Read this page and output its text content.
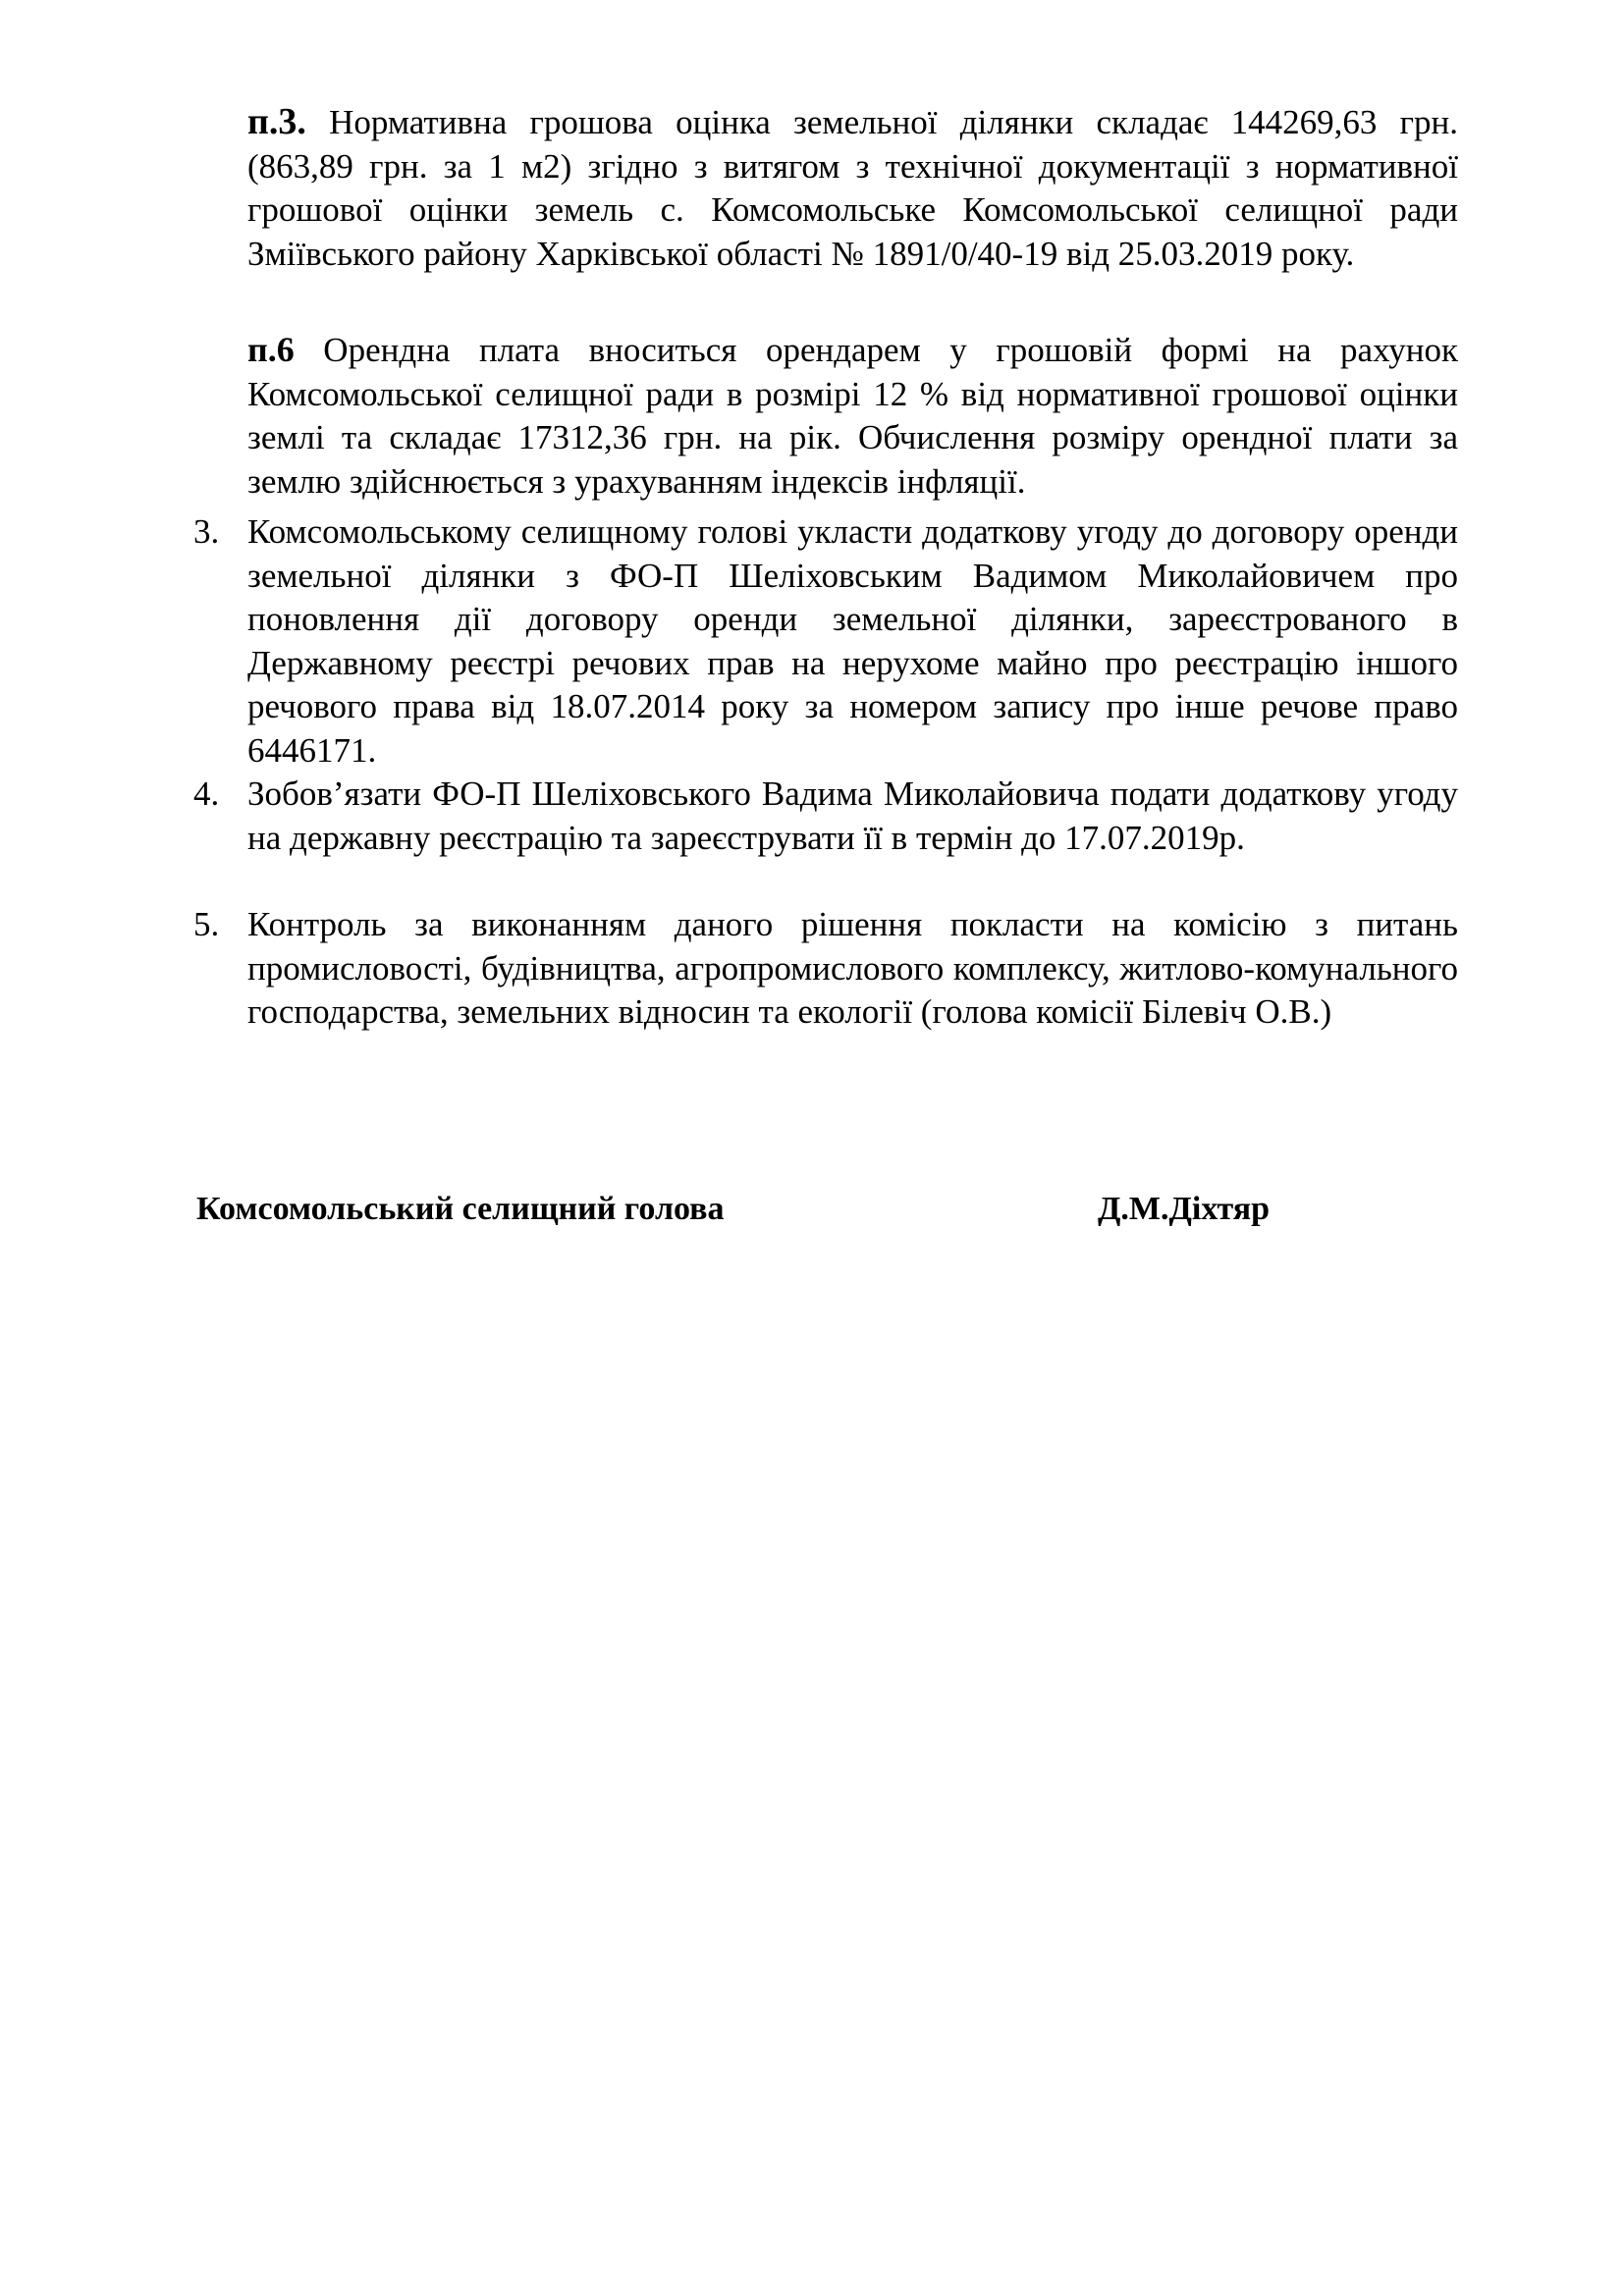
п.3. Нормативна грошова оцінка земельної ділянки складає 144269,63 грн. (863,89 грн. за 1 м2) згідно з витягом з технічної документації з нормативної грошової оцінки земель с. Комсомольське Комсомольської селищної ради Зміївського району Харківської області № 1891/0/40-19 від 25.03.2019 року.

п.6 Орендна плата вноситься орендарем у грошовій формі на рахунок Комсомольської селищної ради в розмірі 12 % від нормативної грошової оцінки землі та складає 17312,36 грн. на рік. Обчислення розміру орендної плати за землю здійснюється з урахуванням індексів інфляції.

3. Комсомольському селищному голові укласти додаткову угоду до договору оренди земельної ділянки з ФО-П Шеліховським Вадимом Миколайовичем про поновлення дії договору оренди земельної ділянки, зареєстрованого в Державному реєстрі речових прав на нерухоме майно про реєстрацію іншого речового права від 18.07.2014 року за номером запису про інше речове право 6446171.

4. Зобов’язати ФО-П Шеліховського Вадима Миколайовича подати додаткову угоду на державну реєстрацію та зареєструвати її в термін до 17.07.2019р.

5. Контроль за виконанням даного рішення покласти на комісію з питань промисловості, будівництва, агропромислового комплексу, житлово-комунального господарства, земельних відносин та екології (голова комісії Білевіч О.В.)

Комсомольський селищний голова	Д.М.Діхтяр
